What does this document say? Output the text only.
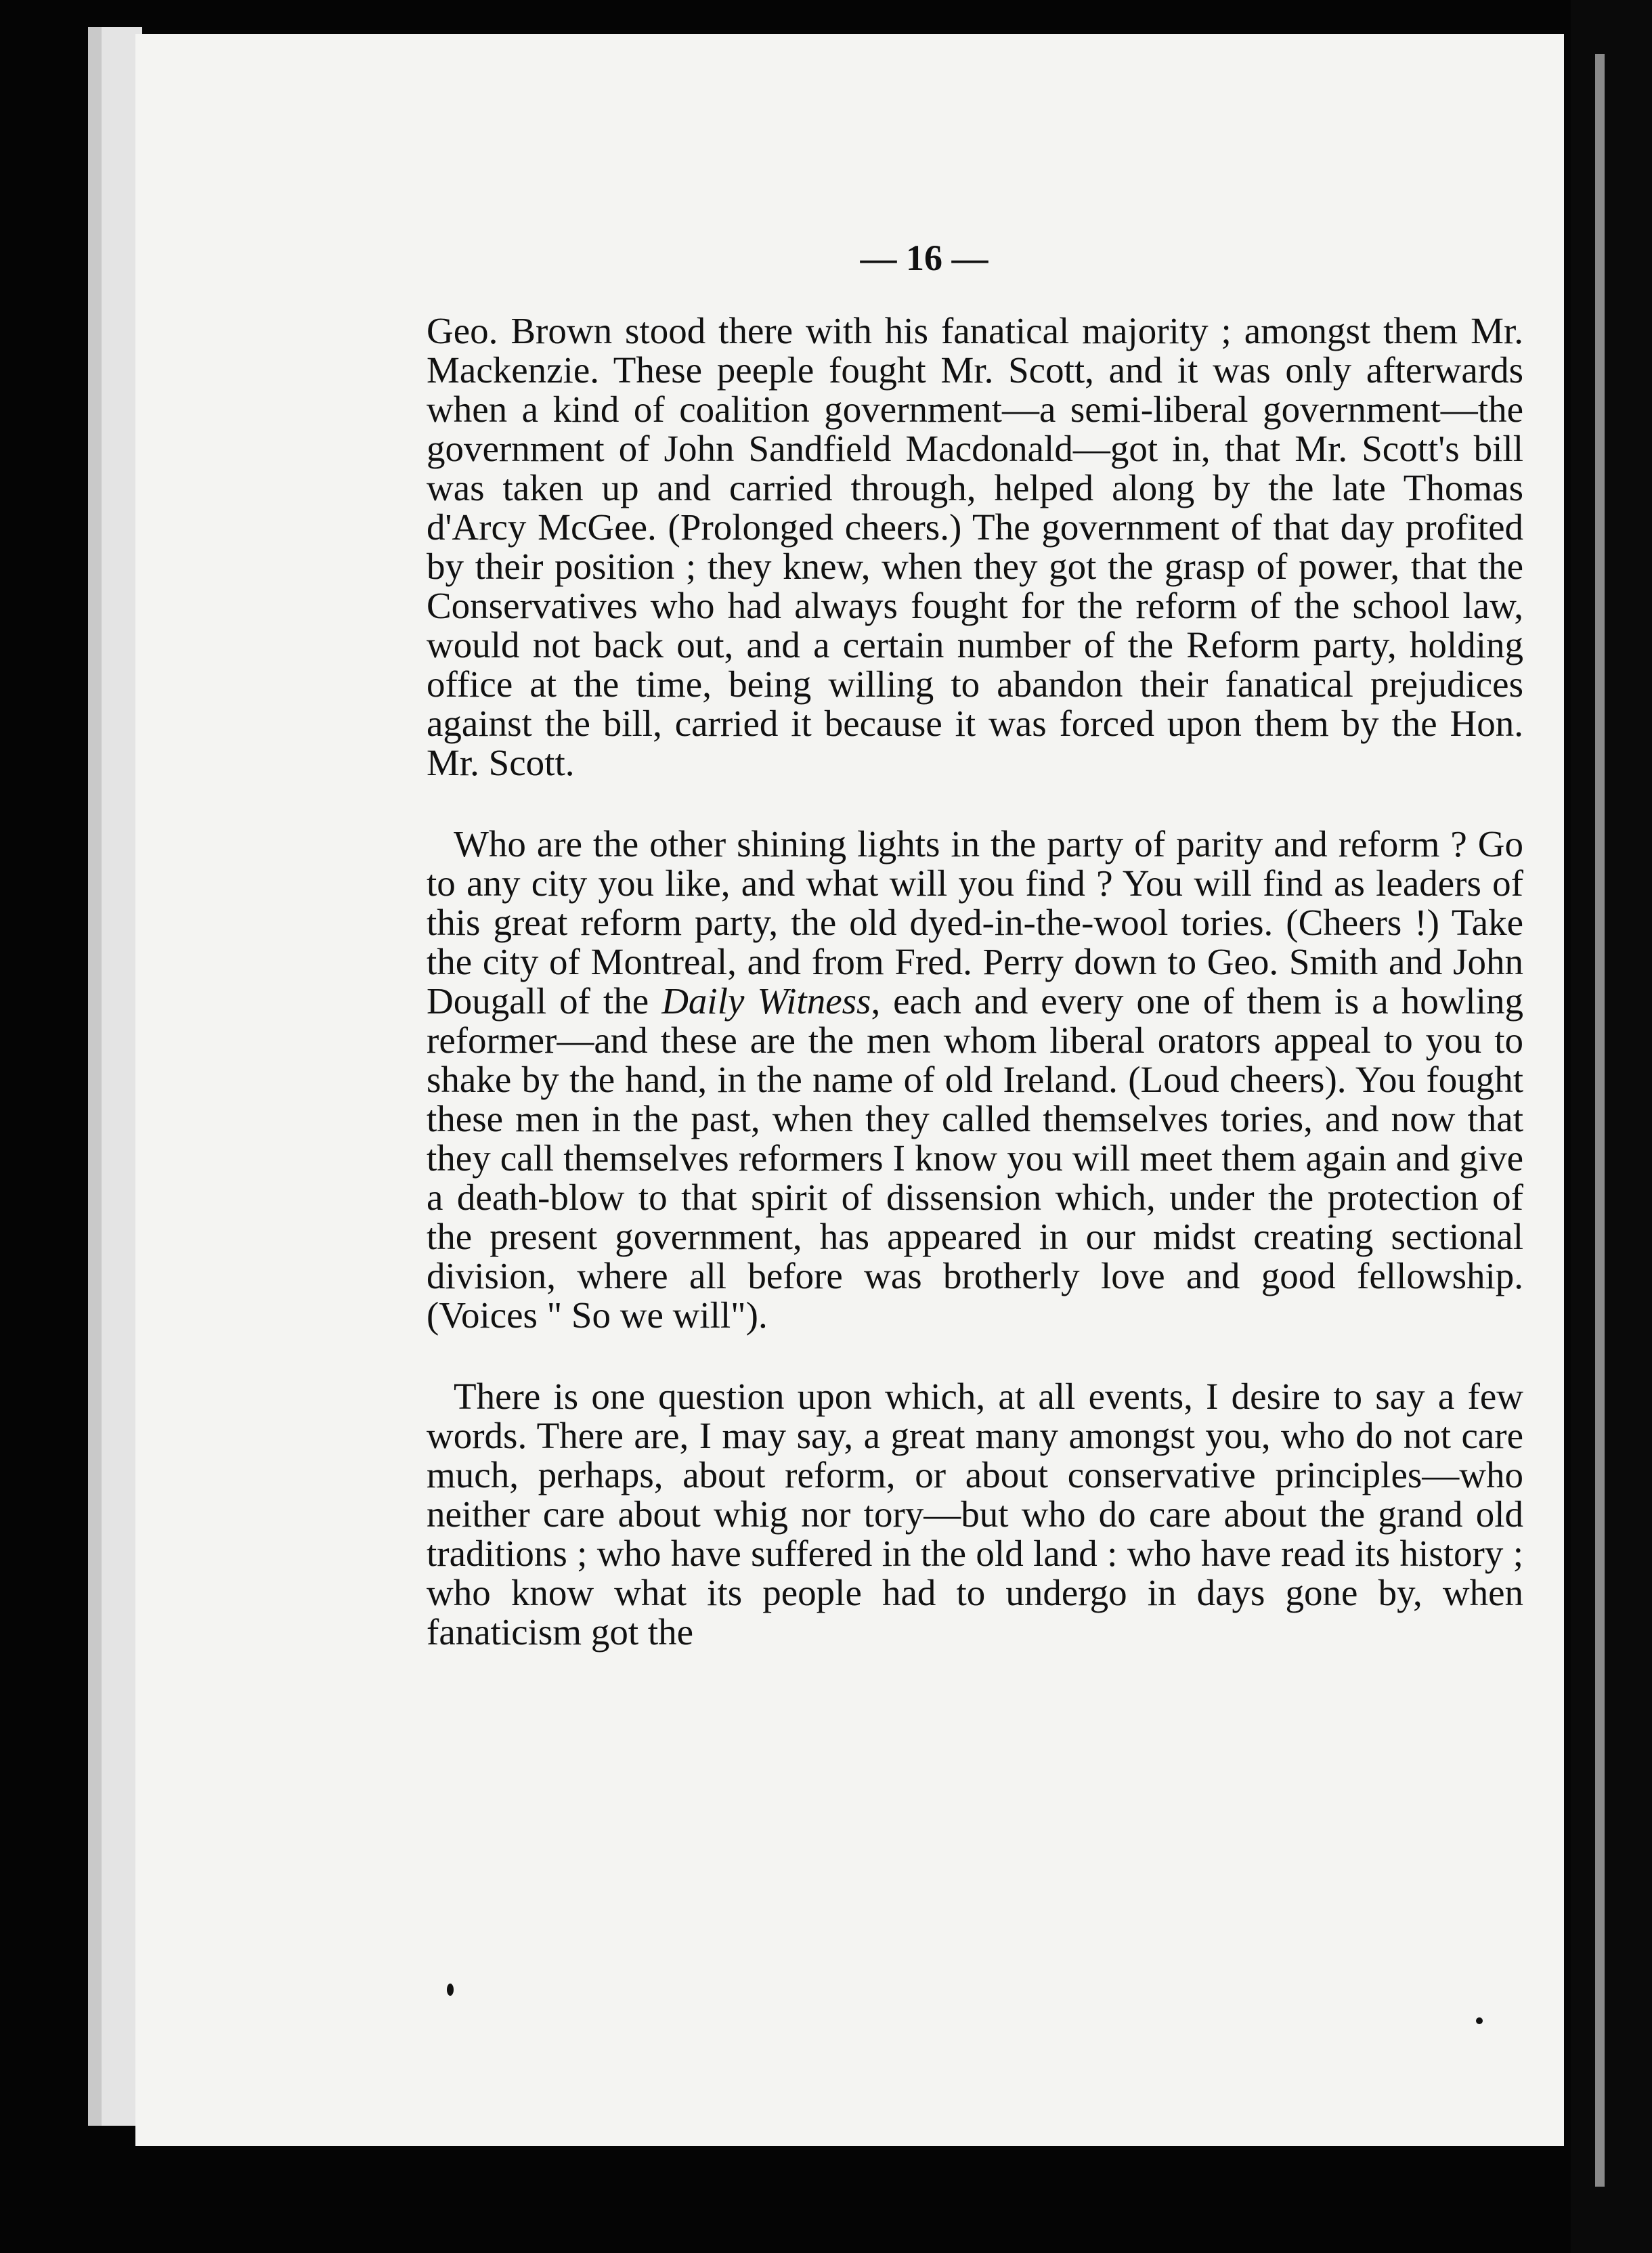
— 16 —

Geo. Brown stood there with his fanatical majority ; amongst them Mr. Mackenzie. These peeple fought Mr. Scott, and it was only afterwards when a kind of coalition government—a semi-liberal government—the government of John Sandfield Macdonald—got in, that Mr. Scott's bill was taken up and carried through, helped along by the late Thomas d'Arcy McGee. (Prolonged cheers.) The government of that day profited by their position ; they knew, when they got the grasp of power, that the Conservatives who had always fought for the reform of the school law, would not back out, and a certain number of the Reform party, holding office at the time, being willing to abandon their fanatical prejudices against the bill, carried it because it was forced upon them by the Hon. Mr. Scott.

Who are the other shining lights in the party of parity and reform ? Go to any city you like, and what will you find ? You will find as leaders of this great reform party, the old dyed-in-the-wool tories. (Cheers !) Take the city of Montreal, and from Fred. Perry down to Geo. Smith and John Dougall of the Daily Witness, each and every one of them is a howling reformer—and these are the men whom liberal orators appeal to you to shake by the hand, in the name of old Ireland. (Loud cheers). You fought these men in the past, when they called themselves tories, and now that they call themselves reformers I know you will meet them again and give a death-blow to that spirit of dissension which, under the protection of the present government, has appeared in our midst creating sectional division, where all before was brotherly love and good fellowship. (Voices " So we will").

There is one question upon which, at all events, I desire to say a few words. There are, I may say, a great many amongst you, who do not care much, perhaps, about reform, or about conservative principles—who neither care about whig nor tory—but who do care about the grand old traditions ; who have suffered in the old land : who have read its history ; who know what its people had to undergo in days gone by, when fanaticism got the
